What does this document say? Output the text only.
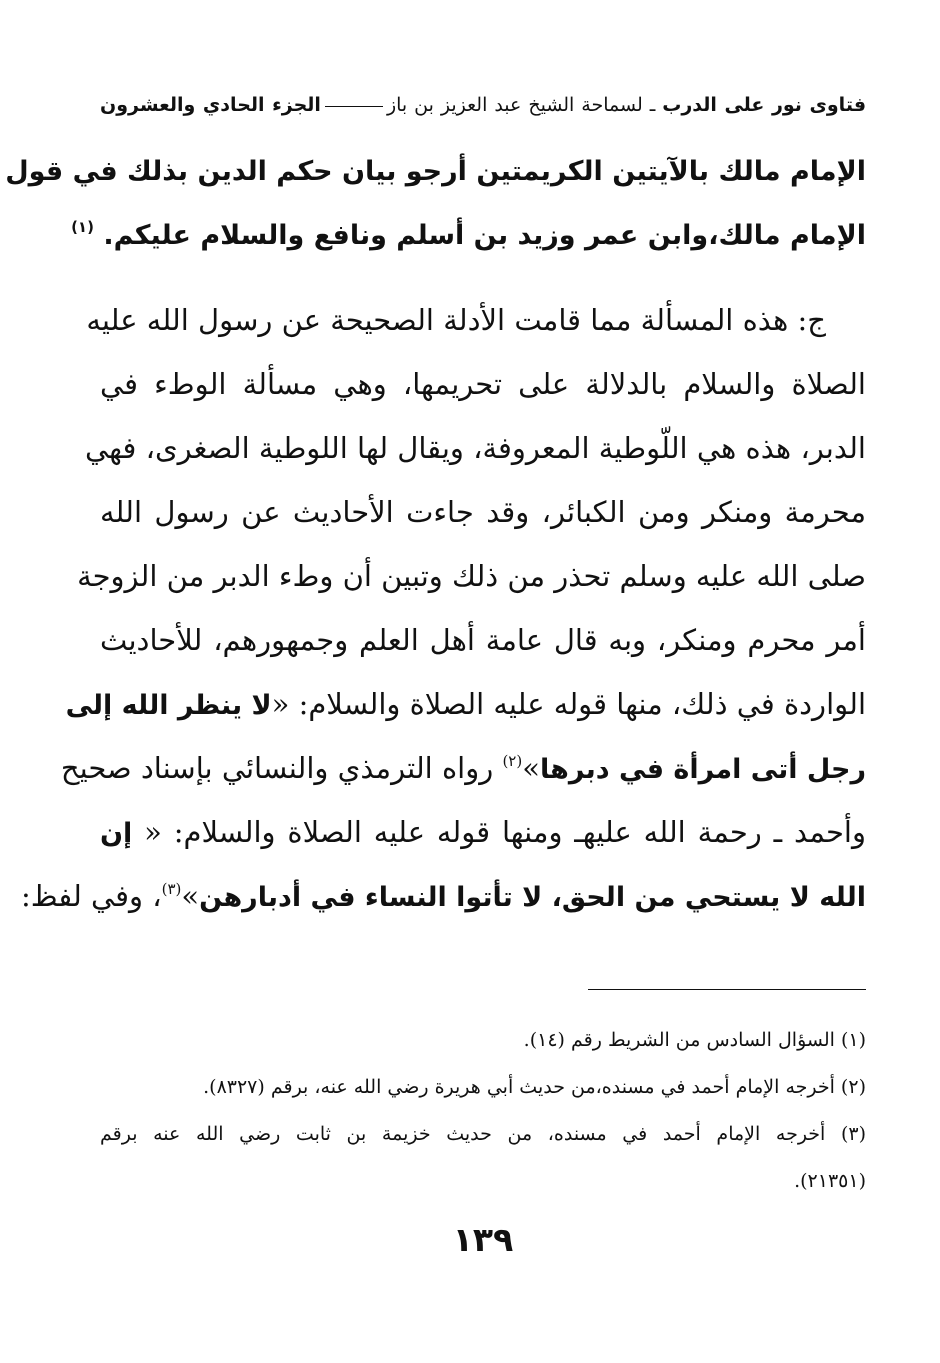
فتاوى نور على الدرب ـ لسماحة الشيخ عبد العزيز بن بازالجزء الحادي والعشرون
الإمام مالك بالآيتين الكريمتين أرجو بيان حكم الدين بذلك في قول
الإمام مالك،وابن عمر وزيد بن أسلم ونافع والسلام عليكم. $^{(١)}$
ج: هذه المسألة مما قامت الأدلة الصحيحة عن رسول الله عليه
الصلاة والسلام بالدلالة على تحريمها، وهي مسألة الوطء في
الدبر، هذه هي اللّوطية المعروفة، ويقال لها اللوطية الصغرى، فهي
محرمة ومنكر ومن الكبائر، وقد جاءت الأحاديث عن رسول الله
صلى الله عليه وسلم تحذر من ذلك وتبين أن وطء الدبر من الزوجة
أمر محرم ومنكر، وبه قال عامة أهل العلم وجمهورهم، للأحاديث
الواردة في ذلك، منها قوله عليه الصلاة والسلام: «لا ينظر الله إلى
رجل أتى امرأة في دبرها»$^{(٢)}$ رواه الترمذي والنسائي بإسناد صحيح
وأحمد ـ رحمة الله عليهـ ومنها قوله عليه الصلاة والسلام: « إن
الله لا يستحي من الحق، لا تأتوا النساء في أدبارهن»$^{(٣)}$، وفي لفظ:
(١) السؤال السادس من الشريط رقم (١٤).
(٢) أخرجه الإمام أحمد في مسنده،من حديث أبي هريرة رضي الله عنه، برقم (٨٣٢٧).
(٣) أخرجه الإمام أحمد في مسنده، من حديث خزيمة بن ثابت رضي الله عنه برقم
(٢١٣٥١).
١٣٩
